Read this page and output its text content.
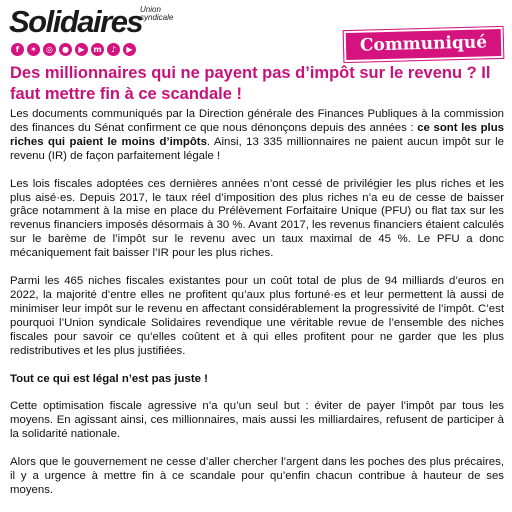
Solidaires
Union
syndicale
f	✶	◎	●	▶	m	♪	▶	Communiqué
Des millionnaires qui ne payent pas d’impôt sur le revenu ? Il faut mettre fin à ce scandale !

Les documents communiqués par la Direction générale des Finances Publiques à la commission des finances du Sénat confirment ce que nous dénonçons depuis des années : ce sont les plus riches qui paient le moins d’impôts. Ainsi, 13 335 millionnaires ne paient aucun impôt sur le revenu (IR) de façon parfaitement légale !

Les lois fiscales adoptées ces dernières années n’ont cessé de privilégier les plus riches et les plus aisé·es. Depuis 2017, le taux réel d’imposition des plus riches n’a eu de cesse de baisser grâce notamment à la mise en place du Prélèvement Forfaitaire Unique (PFU) ou flat tax sur les revenus financiers imposés désormais à 30 %. Avant 2017, les revenus financiers étaient calculés sur le barème de l’impôt sur le revenu avec un taux maximal de 45 %. Le PFU a donc mécaniquement fait baisser l’IR pour les plus riches.

Parmi les 465 niches fiscales existantes pour un coût total de plus de 94 milliards d’euros en 2022, la majorité d’entre elles ne profitent qu’aux plus fortuné·es et leur permettent là aussi de minimiser leur impôt sur le revenu en affectant considérablement la progressivité de l’impôt. C’est pourquoi l’Union syndicale Solidaires revendique une véritable revue de l’ensemble des niches fiscales pour savoir ce qu’elles coûtent et à qui elles profitent pour ne garder que les plus redistributives et les plus justifiées.

Tout ce qui est légal n’est pas juste !

Cette optimisation fiscale agressive n’a qu’un seul but : éviter de payer l’impôt par tous les moyens. En agissant ainsi, ces millionnaires, mais aussi les milliardaires, refusent de participer à la solidarité nationale.

Alors que le gouvernement ne cesse d’aller chercher l’argent dans les poches des plus précaires, il y a urgence à mettre fin à ce scandale pour qu’enfin chacun contribue à hauteur de ses moyens.
